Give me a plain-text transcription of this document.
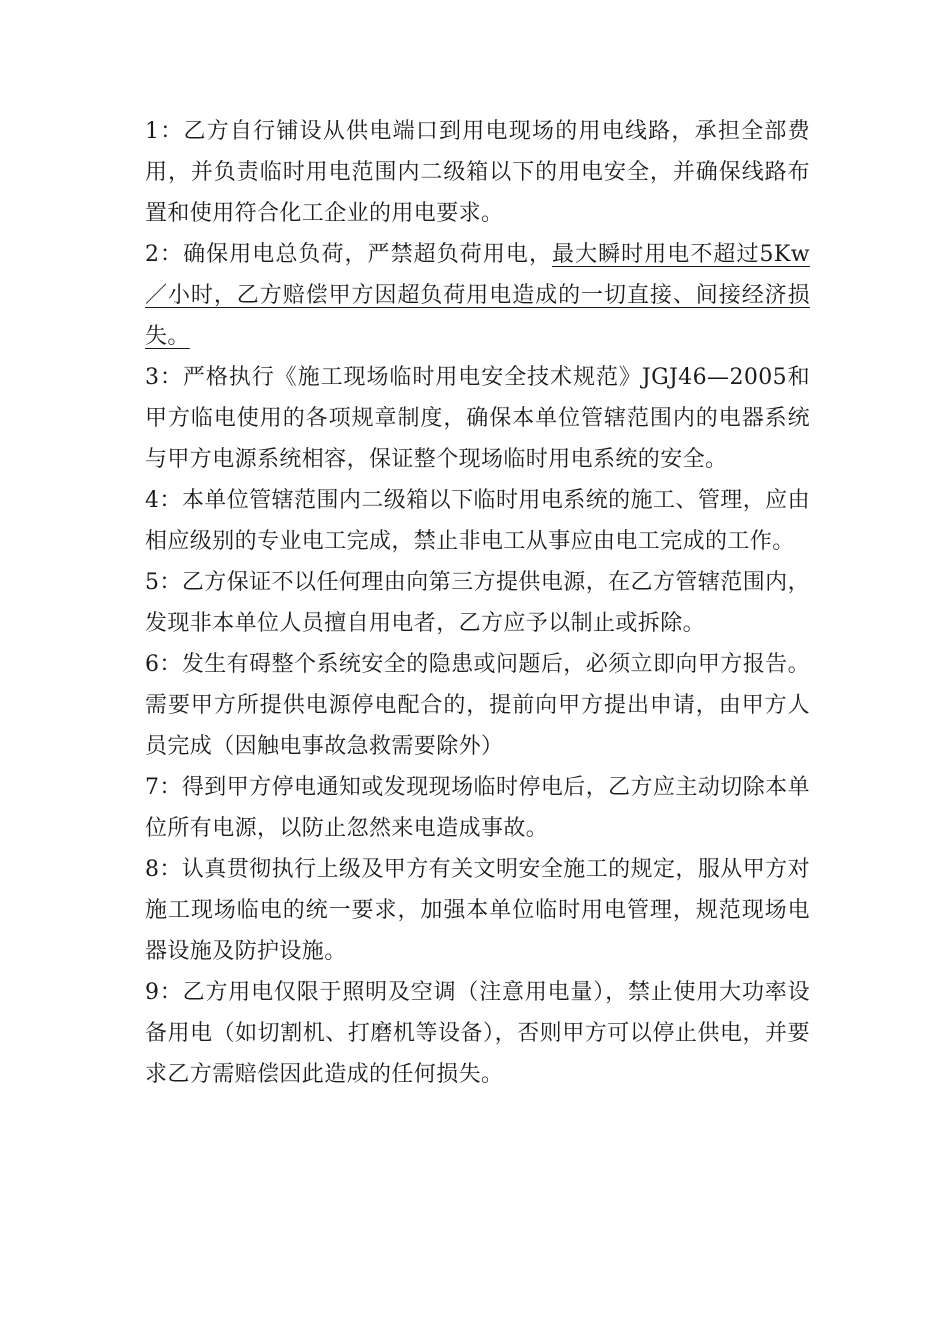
1：乙方自行铺设从供电端口到用电现场的用电线路，承担全部费用，并负责临时用电范围内二级箱以下的用电安全，并确保线路布置和使用符合化工企业的用电要求。

2：确保用电总负荷，严禁超负荷用电，最大瞬时用电不超过5Kw／小时，乙方赔偿甲方因超负荷用电造成的一切直接、间接经济损失。

3：严格执行《施工现场临时用电安全技术规范》JGJ46—2005和甲方临电使用的各项规章制度，确保本单位管辖范围内的电器系统与甲方电源系统相容，保证整个现场临时用电系统的安全。

4：本单位管辖范围内二级箱以下临时用电系统的施工、管理，应由相应级别的专业电工完成，禁止非电工从事应由电工完成的工作。

5：乙方保证不以任何理由向第三方提供电源，在乙方管辖范围内，发现非本单位人员擅自用电者，乙方应予以制止或拆除。

6：发生有碍整个系统安全的隐患或问题后，必须立即向甲方报告。需要甲方所提供电源停电配合的，提前向甲方提出申请，由甲方人员完成（因触电事故急救需要除外）

7：得到甲方停电通知或发现现场临时停电后，乙方应主动切除本单位所有电源，以防止忽然来电造成事故。

8：认真贯彻执行上级及甲方有关文明安全施工的规定，服从甲方对施工现场临电的统一要求，加强本单位临时用电管理，规范现场电器设施及防护设施。

9：乙方用电仅限于照明及空调（注意用电量），禁止使用大功率设备用电（如切割机、打磨机等设备），否则甲方可以停止供电，并要求乙方需赔偿因此造成的任何损失。
